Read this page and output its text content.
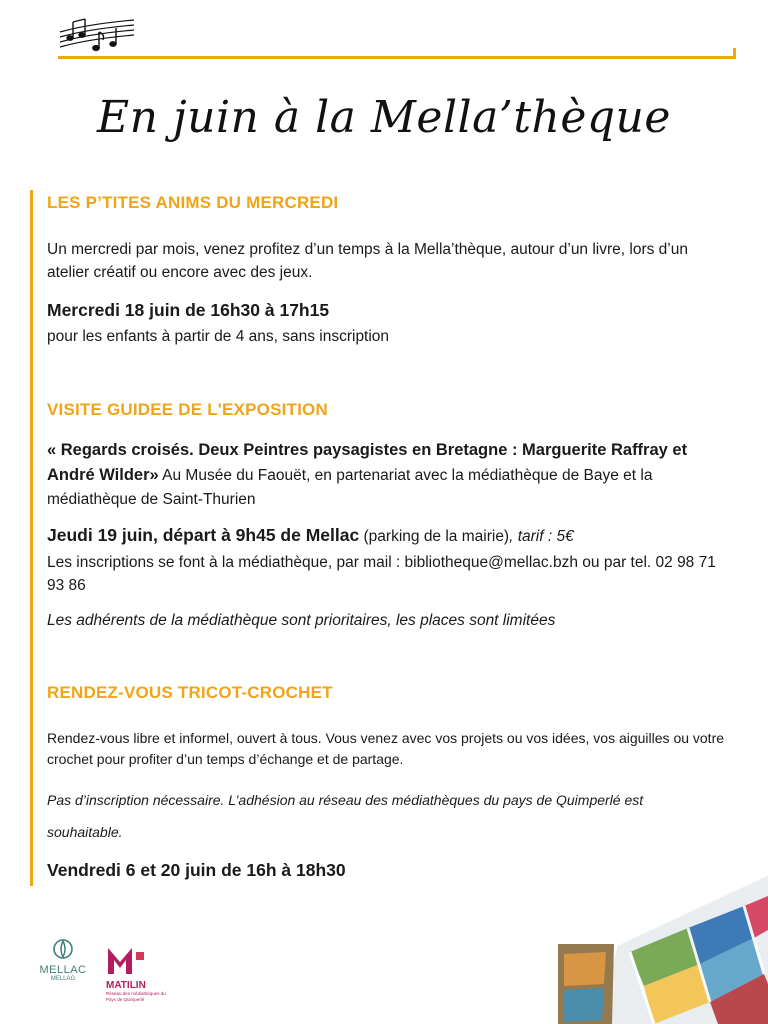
En juin à la Mella’thèque
LES P’TITES ANIMS DU MERCREDI
Un mercredi par mois, venez profitez d’un temps à la Mella’thèque, autour d’un livre, lors d’un atelier créatif ou encore avec des jeux.
Mercredi 18 juin de 16h30 à 17h15
pour les enfants à partir de 4 ans, sans inscription
VISITE GUIDEE DE L'EXPOSITION
« Regards croisés. Deux Peintres paysagistes en Bretagne : Marguerite Raffray et André Wilder» Au Musée du Faouët, en partenariat avec la médiathèque de Baye et la médiathèque de Saint-Thurien
Jeudi 19 juin, départ à 9h45 de Mellac (parking de la mairie), tarif : 5€
Les inscriptions se font à la médiathèque, par mail : bibliotheque@mellac.bzh ou par tel. 02 98 71 93 86
Les adhérents de la médiathèque sont prioritaires, les places sont limitées
RENDEZ-VOUS TRICOT-CROCHET
Rendez-vous libre et informel, ouvert à tous. Vous venez avec vos projets ou vos idées, vos aiguilles ou votre crochet pour profiter d’un temps d’échange et de partage.
Pas d’inscription nécessaire. L’adhésion au réseau des médiathèques du pays de Quimperlé est souhaitable.
Vendredi 6 et 20 juin de 16h à 18h30
MELLAC
MELLAG
MATILIN
Réseau des médiathèques du Pays de Quimperlé
